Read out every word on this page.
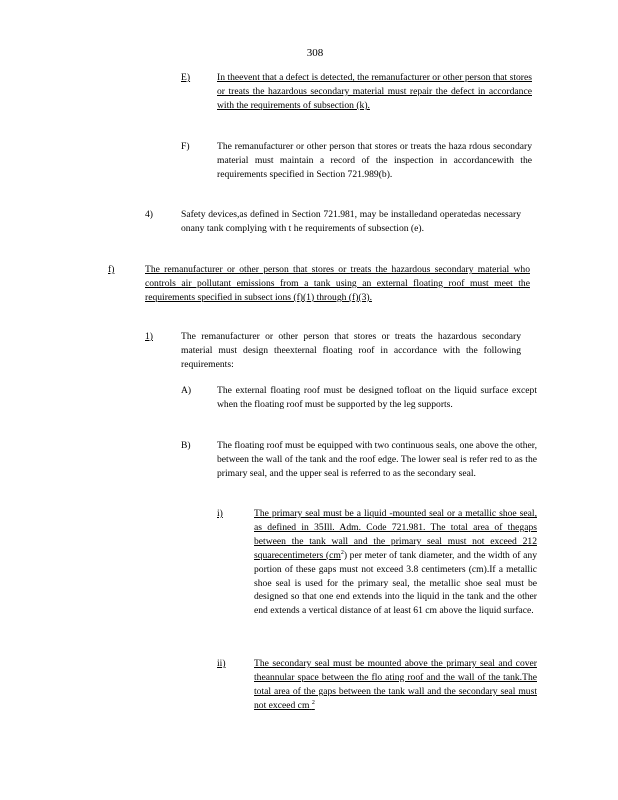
308
E)	In theevent that a defect is detected, the remanufacturer or other person that stores or treats the hazardous secondary material must repair the defect in accordance with the requirements of subsection (k).
F)	The remanufacturer or other person that stores or treats the haza rdous secondary material must maintain a record of the inspection in accordancewith the requirements specified in Section 721.989(b).
4)	Safety devices,as defined in Section 721.981, may be installedand operatedas necessary onany tank complying with t he requirements of subsection (e).
f)	The remanufacturer or other person that stores or treats the hazardous secondary material who controls air pollutant emissions from a tank using an external floating roof must meet the requirements specified in subsect ions (f)(1) through (f)(3).
1)	The remanufacturer or other person that stores or treats the hazardous secondary material must design theexternal floating roof in accordance with the following requirements:
A)	The external floating roof must be designed tofloat on the liquid surface except when the floating roof must be supported by the leg supports.
B)	The floating roof must be equipped with two continuous seals, one above the other, between the wall of the tank and the roof edge. The lower seal is refer red to as the primary seal, and the upper seal is referred to as the secondary seal.
i)	The primary seal must be a liquid -mounted seal or a metallic shoe seal, as defined in 35Ill. Adm. Code 721.981. The total area of thegaps between the tank wall and the primary seal must not exceed 212 squarecentimeters $(cm^2)$ per meter of tank diameter, and the width of any portion of these gaps must not exceed 3.8 centimeters (cm).If a metallic shoe seal is used for the primary seal, the metallic shoe seal must be designed so that one end extends into the liquid in the tank and the other end extends a vertical distance of at least 61 cm above the liquid surface.
ii)	The secondary seal must be mounted above the primary seal and cover theannular space between the flo ating roof and the wall of the tank.The total area of the gaps between the tank wall and the secondary seal must not exceed cm $^2$
